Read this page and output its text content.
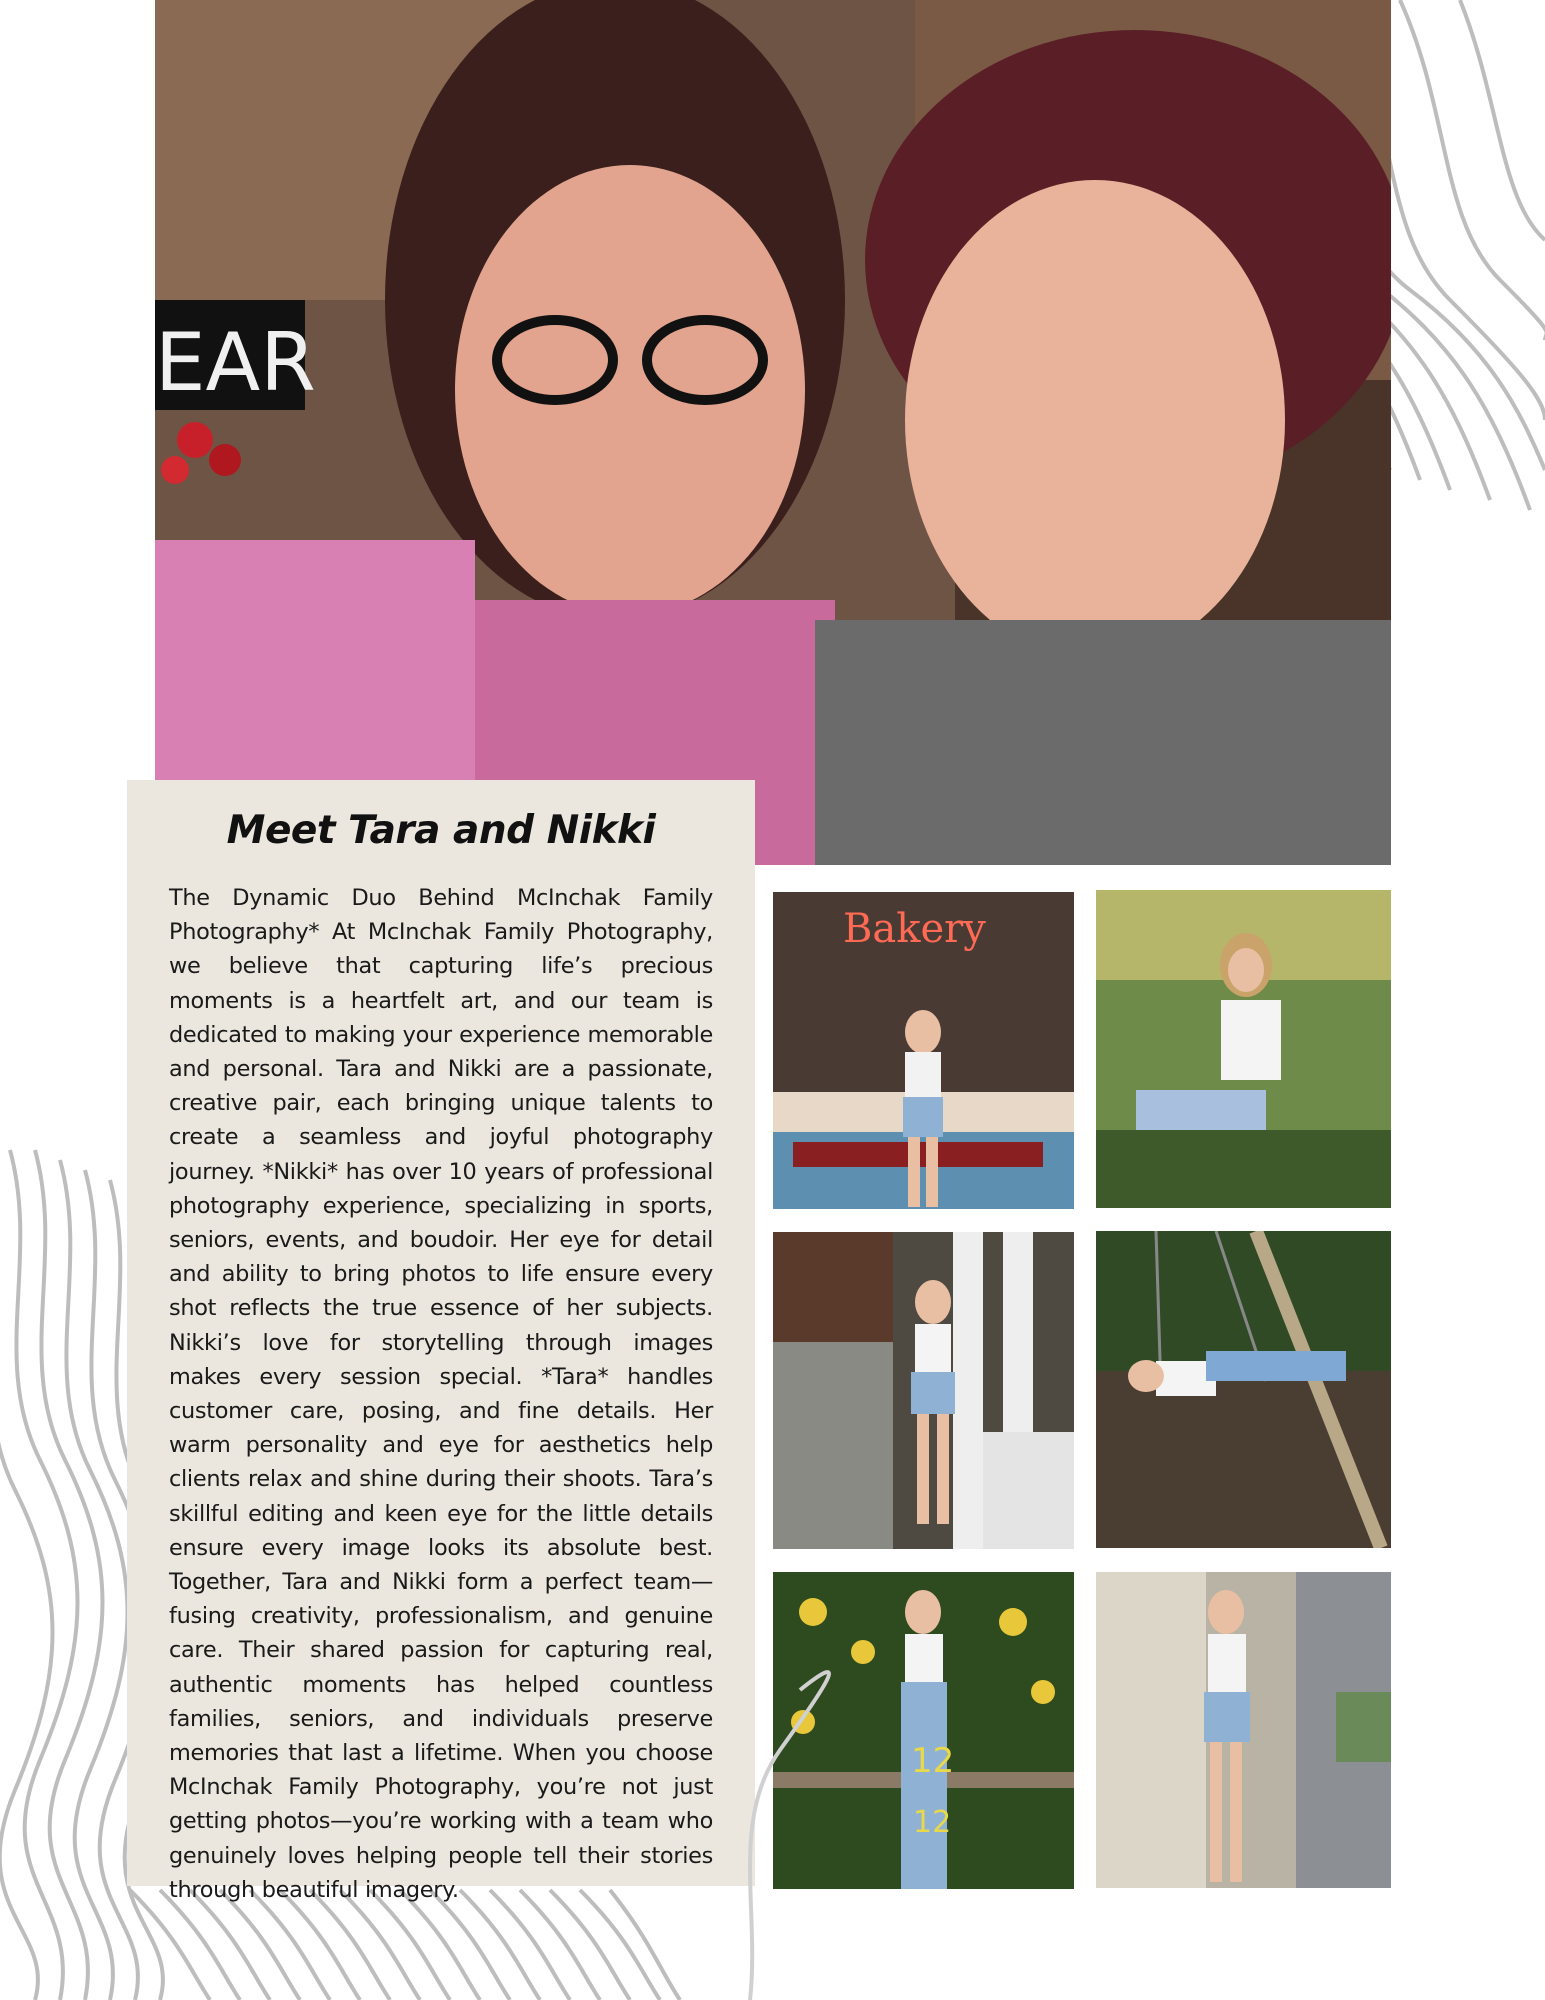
EAR
Meet Tara and Nikki

The Dynamic Duo Behind McInchak Family Photography* At McInchak Family Photography, we believe that capturing life’s precious moments is a heartfelt art, and our team is dedicated to making your experience memorable and personal. Tara and Nikki are a passionate, creative pair, each bringing unique talents to create a seamless and joyful photography journey. *Nikki* has over 10 years of professional photography experience, specializing in sports, seniors, events, and boudoir. Her eye for detail and ability to bring photos to life ensure every shot reflects the true essence of her subjects. Nikki’s love for storytelling through images makes every session special. *Tara* handles customer care, posing, and fine details. Her warm personality and eye for aesthetics help clients relax and shine during their shoots. Tara’s skillful editing and keen eye for the little details ensure every image looks its absolute best. Together, Tara and Nikki form a perfect team—fusing creativity, professionalism, and genuine care. Their shared passion for capturing real, authentic moments has helped countless families, seniors, and individuals preserve memories that last a lifetime. When you choose McInchak Family Photography, you’re not just getting photos—you’re working with a team who genuinely loves helping people tell their stories through beautiful imagery.

Bakery
12
12
